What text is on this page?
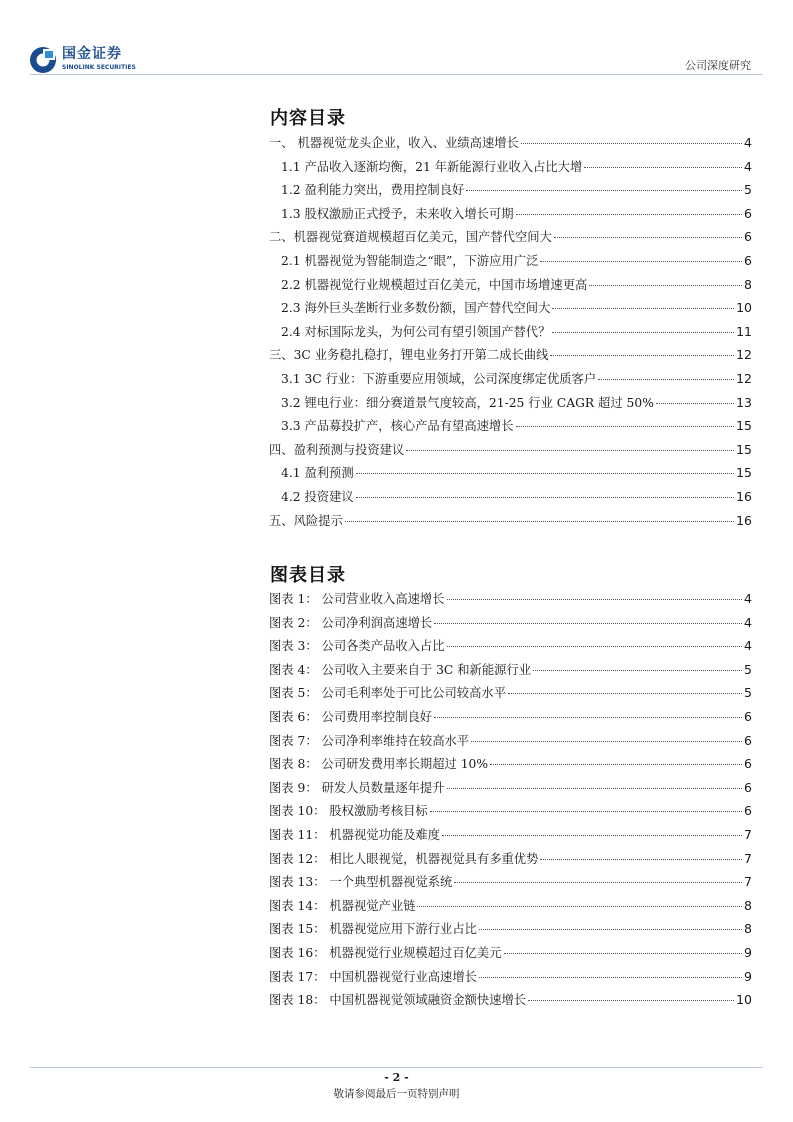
国金证券
SINOLINK SECURITIES	公司深度研究
内容目录
一、 机器视觉龙头企业，收入、业绩高速增长	4
1.1 产品收入逐渐均衡，21 年新能源行业收入占比大增	4
1.2 盈利能力突出，费用控制良好	5
1.3 股权激励正式授予，未来收入增长可期	6
二、机器视觉赛道规模超百亿美元，国产替代空间大	6
2.1 机器视觉为智能制造之“眼”，下游应用广泛	6
2.2 机器视觉行业规模超过百亿美元，中国市场增速更高	8
2.3 海外巨头垄断行业多数份额，国产替代空间大	10
2.4 对标国际龙头，为何公司有望引领国产替代？	11
三、3C 业务稳扎稳打，锂电业务打开第二成长曲线	12
3.1 3C 行业：下游重要应用领域，公司深度绑定优质客户	12
3.2 锂电行业：细分赛道景气度较高，21-25 行业 CAGR 超过 50%	13
3.3 产品募投扩产，核心产品有望高速增长	15
四、盈利预测与投资建议	15
4.1 盈利预测	15
4.2 投资建议	16
五、风险提示	16
图表目录
图表 1： 公司营业收入高速增长	4
图表 2： 公司净利润高速增长	4
图表 3： 公司各类产品收入占比	4
图表 4： 公司收入主要来自于 3C 和新能源行业	5
图表 5： 公司毛利率处于可比公司较高水平	5
图表 6： 公司费用率控制良好	6
图表 7： 公司净利率维持在较高水平	6
图表 8： 公司研发费用率长期超过 10%	6
图表 9： 研发人员数量逐年提升	6
图表 10： 股权激励考核目标	6
图表 11： 机器视觉功能及难度	7
图表 12： 相比人眼视觉，机器视觉具有多重优势	7
图表 13： 一个典型机器视觉系统	7
图表 14： 机器视觉产业链	8
图表 15： 机器视觉应用下游行业占比	8
图表 16： 机器视觉行业规模超过百亿美元	9
图表 17： 中国机器视觉行业高速增长	9
图表 18： 中国机器视觉领域融资金额快速增长	10
- 2 -
敬请参阅最后一页特别声明
